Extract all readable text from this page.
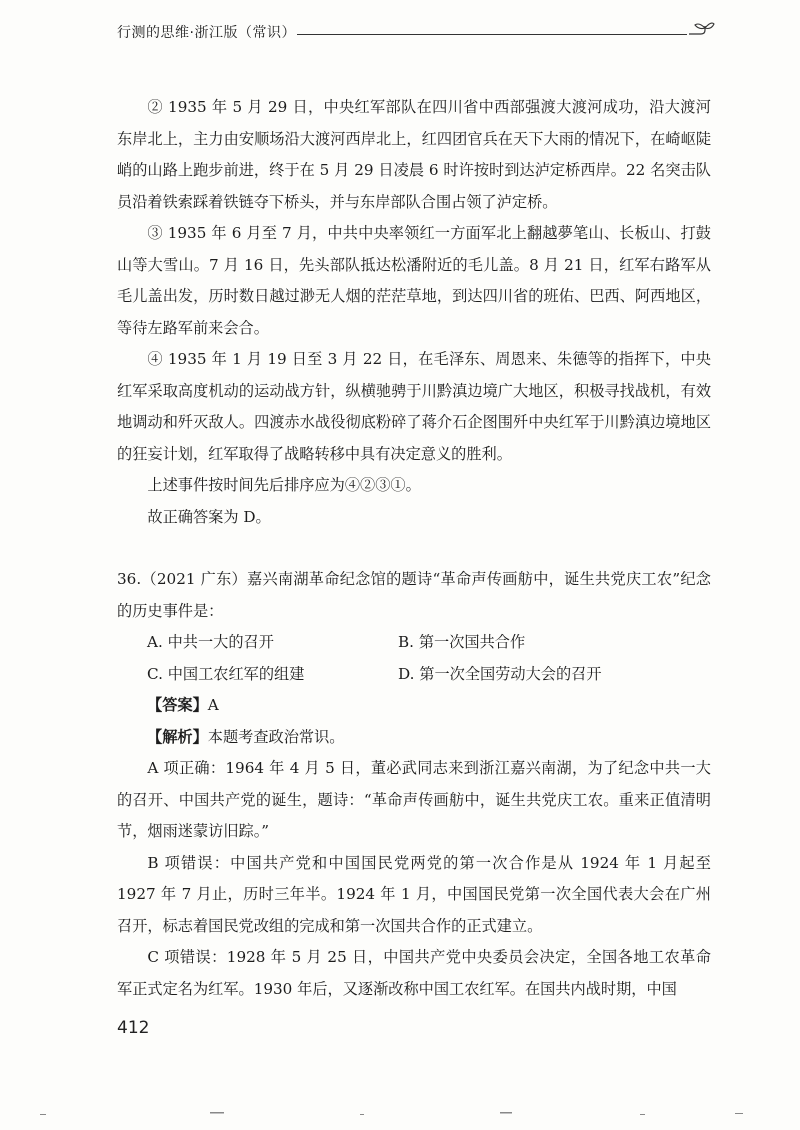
行测的思维·浙江版（常识）

② 1935 年 5 月 29 日，中央红军部队在四川省中西部强渡大渡河成功，沿大渡河东岸北上，主力由安顺场沿大渡河西岸北上，红四团官兵在天下大雨的情况下，在崎岖陡峭的山路上跑步前进，终于在 5 月 29 日凌晨 6 时许按时到达泸定桥西岸。22 名突击队员沿着铁索踩着铁链夺下桥头，并与东岸部队合围占领了泸定桥。

③ 1935 年 6 月至 7 月，中共中央率领红一方面军北上翻越夢笔山、长板山、打鼓山等大雪山。7 月 16 日，先头部队抵达松潘附近的毛儿盖。8 月 21 日，红军右路军从毛儿盖出发，历时数日越过渺无人烟的茫茫草地，到达四川省的班佑、巴西、阿西地区，等待左路军前来会合。

④ 1935 年 1 月 19 日至 3 月 22 日，在毛泽东、周恩来、朱德等的指挥下，中央红军采取高度机动的运动战方针，纵横驰骋于川黔滇边境广大地区，积极寻找战机，有效地调动和歼灭敌人。四渡赤水战役彻底粉碎了蒋介石企图围歼中央红军于川黔滇边境地区的狂妄计划，红军取得了战略转移中具有决定意义的胜利。

上述事件按时间先后排序应为④②③①。

故正确答案为 D。

36.（2021 广东）嘉兴南湖革命纪念馆的题诗“革命声传画舫中，诞生共党庆工农”纪念的历史事件是：

A. 中共一大的召开	B. 第一次国共合作
C. 中国工农红军的组建	D. 第一次全国劳动大会的召开

【答案】A

【解析】本题考查政治常识。

A 项正确：1964 年 4 月 5 日，董必武同志来到浙江嘉兴南湖，为了纪念中共一大的召开、中国共产党的诞生，题诗：“革命声传画舫中，诞生共党庆工农。重来正值清明节，烟雨迷蒙访旧踪。”

B 项错误：中国共产党和中国国民党两党的第一次合作是从 1924 年 1 月起至 1927 年 7 月止，历时三年半。1924 年 1 月，中国国民党第一次全国代表大会在广州召开，标志着国民党改组的完成和第一次国共合作的正式建立。

C 项错误：1928 年 5 月 25 日，中国共产党中央委员会决定，全国各地工农革命军正式定名为红军。1930 年后，又逐渐改称中国工农红军。在国共内战时期，中国

412
